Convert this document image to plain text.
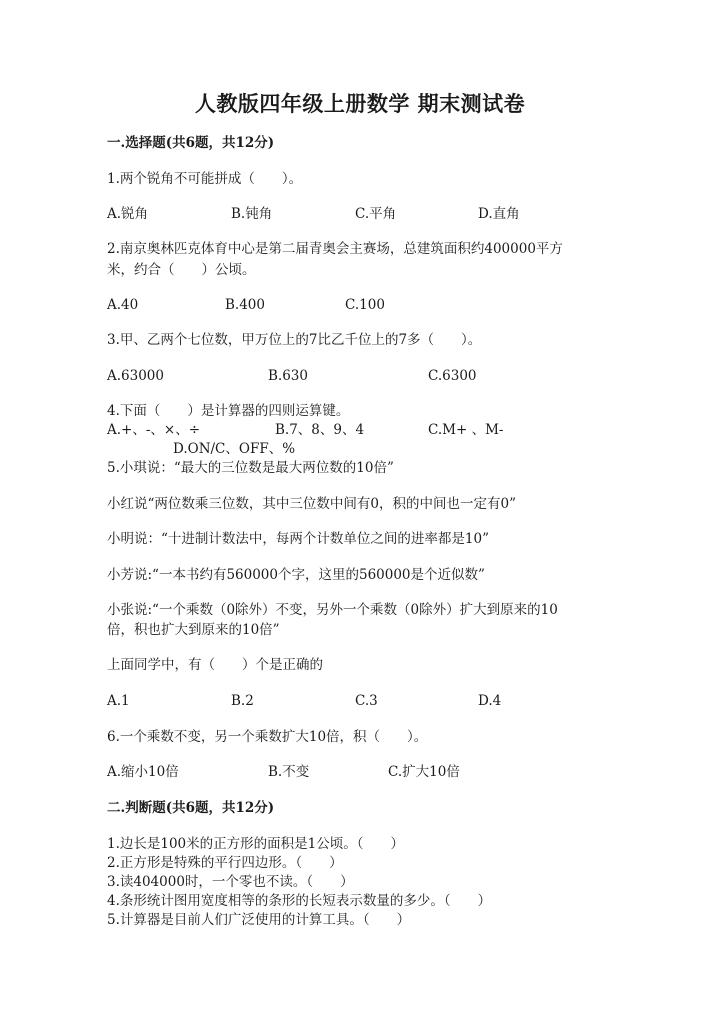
人教版四年级上册数学 期末测试卷
一.选择题(共6题，共12分)
1.两个锐角不可能拼成（　　）。
A.锐角	B.钝角	C.平角	D.直角
2.南京奥林匹克体育中心是第二届青奥会主赛场，总建筑面积约400000平方
米，约合（　　）公顷。
A.40	B.400	C.100
3.甲、乙两个七位数，甲万位上的7比乙千位上的7多（　　）。
A.63000	B.630	C.6300
4.下面（　　）是计算器的四则运算键。
A.+、-、×、÷	B.7、8、9、4	C.M+ 、M-
D.ON/C、OFF、%
5.小琪说：“最大的三位数是最大两位数的10倍”
小红说“两位数乘三位数，其中三位数中间有0，积的中间也一定有0”
小明说：“十进制计数法中，每两个计数单位之间的进率都是10”
小芳说:“一本书约有560000个字，这里的560000是个近似数”
小张说:“一个乘数（0除外）不变，另外一个乘数（0除外）扩大到原来的10
倍，积也扩大到原来的10倍”
上面同学中，有（　　）个是正确的
A.1	B.2	C.3	D.4
6.一个乘数不变，另一个乘数扩大10倍，积（　　）。
A.缩小10倍	B.不变	C.扩大10倍
二.判断题(共6题，共12分)
1.边长是100米的正方形的面积是1公顷。（　　）
2.正方形是特殊的平行四边形。（　　）
3.读404000时，一个零也不读。（　　）
4.条形统计图用宽度相等的条形的长短表示数量的多少。（　　）
5.计算器是目前人们广泛使用的计算工具。（　　）
